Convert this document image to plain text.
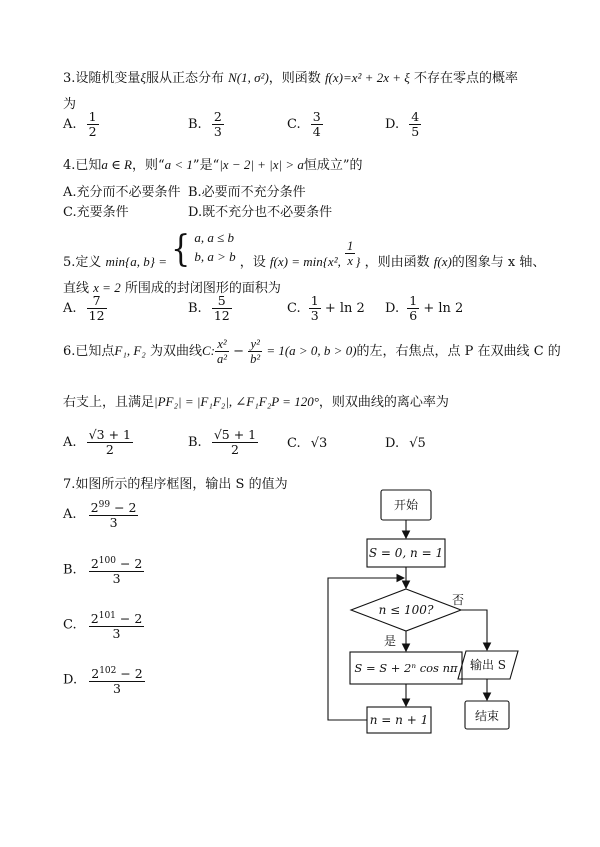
3.设随机变量ξ服从正态分布 N(1, σ²)，则函数 f(x)=x² + 2x + ξ 不存在零点的概率
为
A. $\frac{1}{2}$	B. $\frac{2}{3}$	C. $\frac{3}{4}$	D. $\frac{4}{5}$
4.已知a ∈ R，则“a < 1”是“|x − 2| + |x| > a恒成立”的
A.充分而不必要条件 B.必要而不充分条件
C.充要条件	D.既不充分也不必要条件
5.定义 min{a, b} = { a, a ≤ b
b, a > b ，设 f(x) = min{x², $\frac{1}{x}$ } ，则由函数 f(x)的图象与 x 轴、
直线 x = 2 所围成的封闭图形的面积为
A. $\frac{7}{12}$	B. $\frac{5}{12}$	C. $\frac{1}{3} + \ln 2$ D. $\frac{1}{6} + \ln 2$
6.已知点F₁, F₂ 为双曲线C: $\frac{\text{x²}}{\text{a²}} - \frac{\text{y²}}{\text{b²}} = 1(a > 0$, b > 0)的左，右焦点，点 P 在双曲线 C 的
右支上，且满足|PF₂| = |F₁F₂|, ∠F₁F₂P = 120°，则双曲线的离心率为
A. $\frac{√3 + 1}{2}$	B. $\frac{√5 + 1}{2} C$. √3	D. √5
7.如图所示的程序框图，输出 S 的值为
A. $\frac{2^{99} - 2}{3}$
B. $\frac{2^{100} - 2}{3}$
C. $\frac{2^{101} - 2}{3}$
D. $\frac{2^{102} - 2}{3}$
开始
S = 0, n = 1
n ≤ 100?
否
是
S = S + 2ⁿ cos nπ 输出 S
结束
n = n + 1
